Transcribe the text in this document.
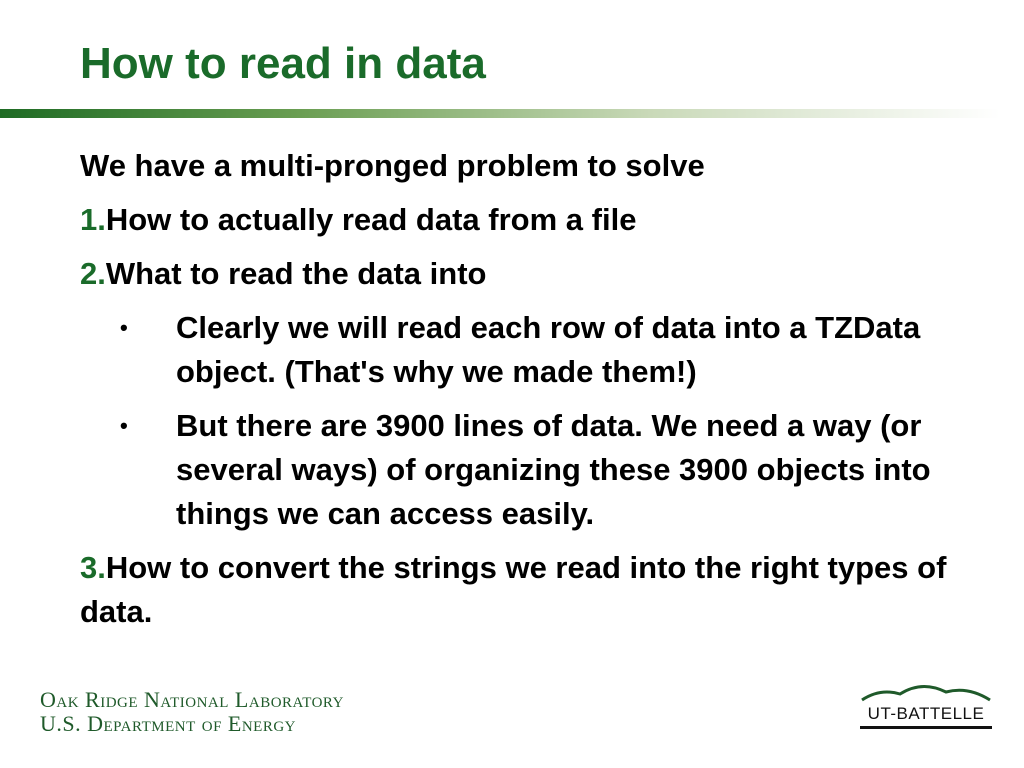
How to read in data

We have a multi-pronged problem to solve

1.How to actually read data from a file

2.What to read the data into

• Clearly we will read each row of data into a TZData object. (That's why we made them!)
• But there are 3900 lines of data. We need a way (or several ways) of organizing these 3900 objects into things we can access easily.

3.How to convert the strings we read into the right types of data.

Oak Ridge National Laboratory
U.S. Department of Energy	UT-BATTELLE
